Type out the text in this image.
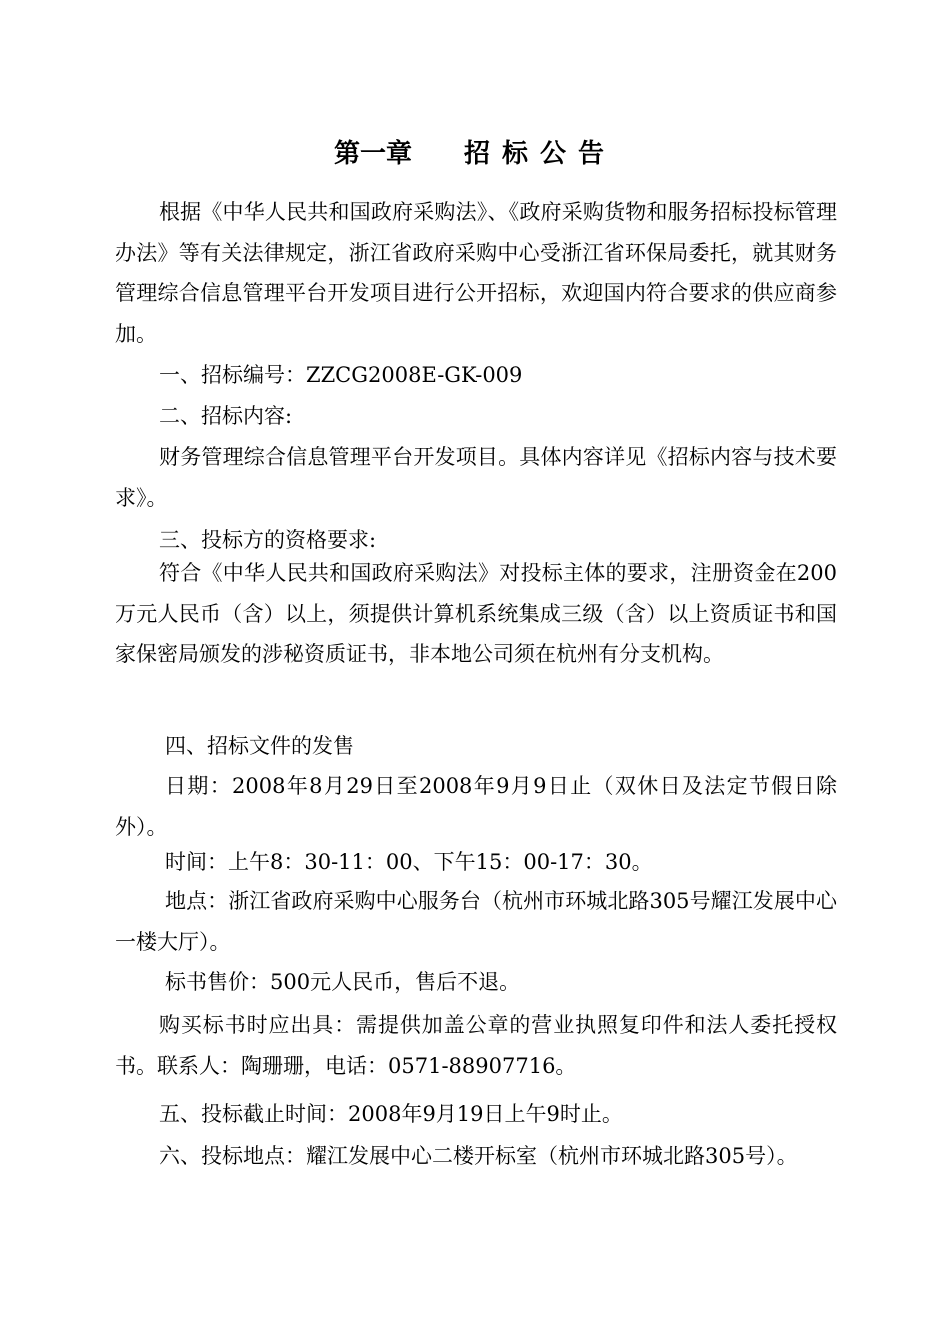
第一章 招标公告
根据《中华人民共和国政府采购法》、《政府采购货物和服务招标投标管理办法》等有关法律规定，浙江省政府采购中心受浙江省环保局委托，就其财务管理综合信息管理平台开发项目进行公开招标，欢迎国内符合要求的供应商参加。
一、招标编号：ZZCG2008E-GK-009
二、招标内容:
财务管理综合信息管理平台开发项目。具体内容详见《招标内容与技术要求》。
三、投标方的资格要求:
符合《中华人民共和国政府采购法》对投标主体的要求，注册资金在200万元人民币（含）以上，须提供计算机系统集成三级（含）以上资质证书和国家保密局颁发的涉秘资质证书，非本地公司须在杭州有分支机构。
四、招标文件的发售
日期：2008年8月29日至2008年9月9日止（双休日及法定节假日除外）。
时间：上午8：30-11：00、下午15：00-17：30。
地点：浙江省政府采购中心服务台（杭州市环城北路305号耀江发展中心一楼大厅）。
标书售价：500元人民币，售后不退。
购买标书时应出具：需提供加盖公章的营业执照复印件和法人委托授权书。联系人：陶珊珊，电话：0571-88907716。
五、投标截止时间：2008年9月19日上午9时止。
六、投标地点：耀江发展中心二楼开标室（杭州市环城北路305号）。
